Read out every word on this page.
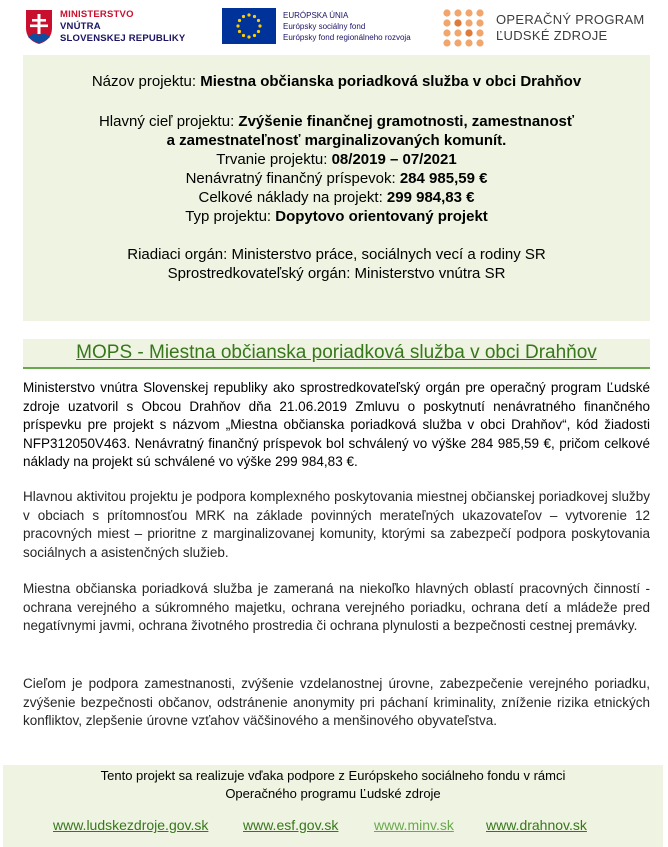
MINISTERSTVO
VNÚTRA
SLOVENSKEJ REPUBLIKY
EURÓPSKA ÚNIA
Európsky sociálny fond
Európsky fond regionálneho rozvoja
OPERAČNÝ PROGRAM
ĽUDSKÉ ZDROJE
Názov projektu: Miestna občianska poriadková služba v obci Drahňov
Hlavný cieľ projektu: Zvýšenie finančnej gramotnosti, zamestnanosť
a zamestnateľnosť marginalizovaných komunít.
Trvanie projektu: 08/2019 – 07/2021
Nenávratný finančný príspevok: 284 985,59 €
Celkové náklady na projekt: 299 984,83 €
Typ projektu: Dopytovo orientovaný projekt
Riadiaci orgán: Ministerstvo práce, sociálnych vecí a rodiny SR
Sprostredkovateľský orgán: Ministerstvo vnútra SR
MOPS - Miestna občianska poriadková služba v obci Drahňov
Ministerstvo vnútra Slovenskej republiky ako sprostredkovateľský orgán pre operačný program Ľudské zdroje uzatvoril s Obcou Drahňov dňa 21.06.2019 Zmluvu o poskytnutí nenávratného finančného príspevku pre projekt s názvom „Miestna občianska poriadková služba v obci Drahňov“, kód žiadosti NFP312050V463. Nenávratný finančný príspevok bol schválený vo výške 284 985,59 €, pričom celkové náklady na projekt sú schválené vo výške 299 984,83 €.
Hlavnou aktivitou projektu je podpora komplexného poskytovania miestnej občianskej poriadkovej služby v obciach s prítomnosťou MRK na základe povinných merateľných ukazovateľov – vytvorenie 12 pracovných miest – prioritne z marginalizovanej komunity, ktorými sa zabezpečí podpora poskytovania sociálnych a asistenčných služieb.
Miestna občianska poriadková služba je zameraná na niekoľko hlavných oblastí pracovných činností - ochrana verejného a súkromného majetku, ochrana verejného poriadku, ochrana detí a mládeže pred negatívnymi javmi, ochrana životného prostredia či ochrana plynulosti a bezpečnosti cestnej premávky.
Cieľom je podpora zamestnanosti, zvýšenie vzdelanostnej úrovne, zabezpečenie verejného poriadku, zvýšenie bezpečnosti občanov, odstránenie anonymity pri páchaní kriminality, zníženie rizika etnických konfliktov, zlepšenie úrovne vzťahov väčšinového a menšinového obyvateľstva.
Tento projekt sa realizuje vďaka podpore z Európskeho sociálneho fondu v rámci
Operačného programu Ľudské zdroje
www.ludskezdroje.gov.sk www.esf.gov.sk	www.minv.sk www.drahnov.sk
